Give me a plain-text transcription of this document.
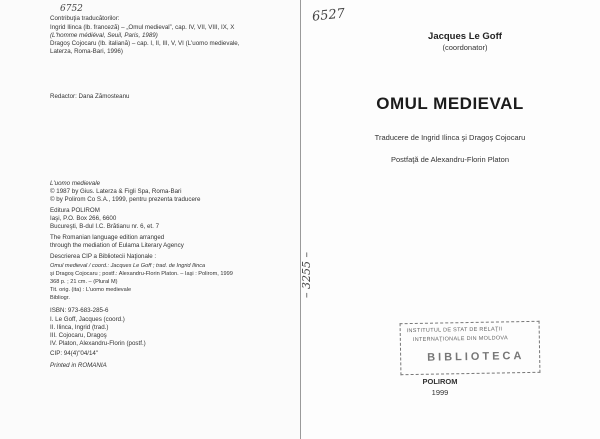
6752
Contribuţia traducătorilor:
Ingrid Ilinca (lb. franceză) – „Omul medieval”, cap. IV, VII, VIII, IX, X
(L'homme médiéval, Seuil, Paris, 1989)
Dragoş Cojocaru (lb. italiană) – cap. I, II, III, V, VI (L'uomo medievale,
Laterza, Roma-Bari, 1996)
Redactor: Dana Zămosteanu
L'uomo medievale
© 1987 by Gius. Laterza & Figli Spa, Roma-Bari
© by Polirom Co S.A., 1999, pentru prezenta traducere
Editura POLIROM
Iaşi, P.O. Box 266, 6600
Bucureşti, B-dul I.C. Brătianu nr. 6, et. 7
The Romanian language edition arranged
through the mediation of Eulama Literary Agency
Descrierea CIP a Bibliotecii Naţionale :
Omul medieval / coord.: Jacques Le Goff ; trad. de Ingrid Ilinca
şi Dragoş Cojocaru ; postf.: Alexandru-Florin Platon. – Iaşi : Polirom, 1999
368 p. ; 21 cm. – (Plural M)
Tit. orig. (ita) : L'uomo medievale
Bibliogr.
ISBN: 973-683-285-6
I. Le Goff, Jacques (coord.)
II. Ilinca, Ingrid (trad.)
III. Cojocaru, Dragoş
IV. Platon, Alexandru-Florin (postf.)
CIP: 94(4)"04/14"
Printed in ROMANIA
6527
Jacques Le Goff
(coordonator)
OMUL MEDIEVAL
Traducere de Ingrid Ilinca şi Dragoş Cojocaru
Postfaţă de Alexandru-Florin Platon
– 3255 –
INSTITUTUL DE STAT DE RELAŢII
INTERNAŢIONALE DIN MOLDOVA
BIBLIOTECA
POLIROM
1999
